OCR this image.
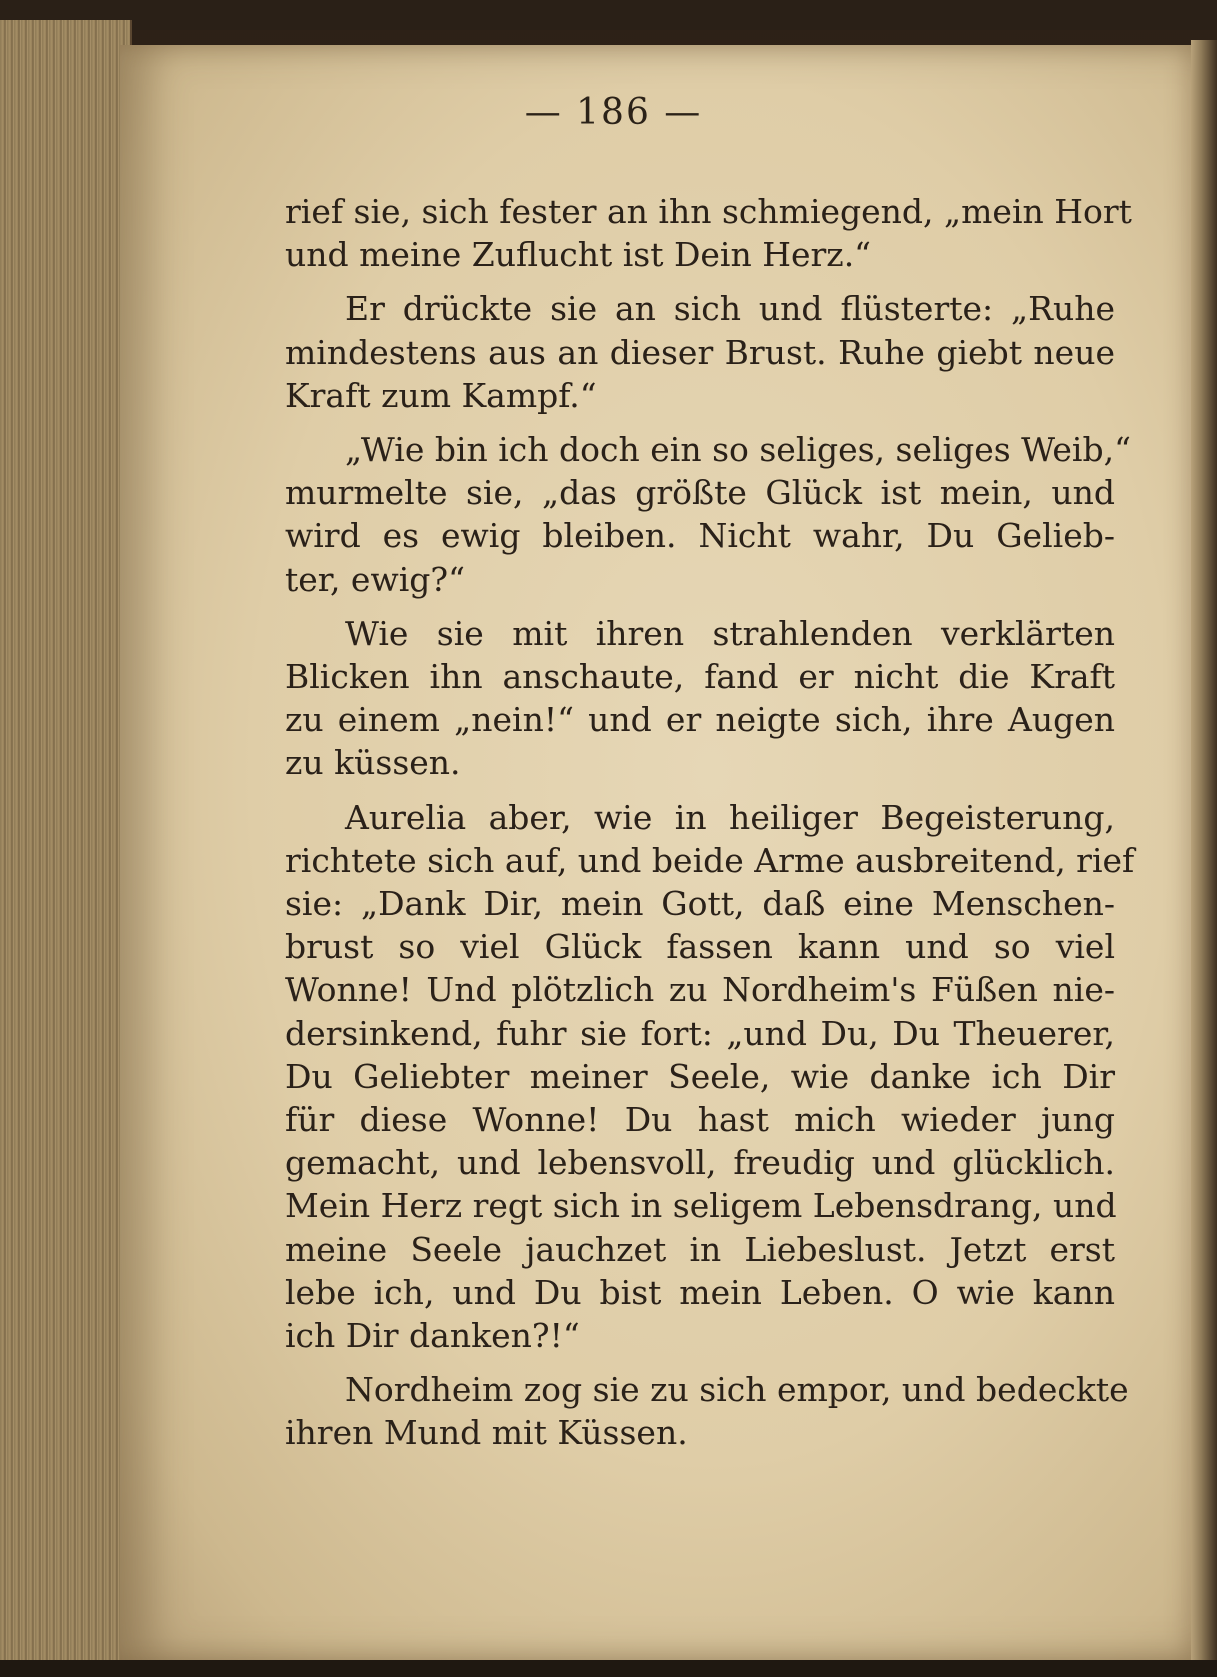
— 186 —
rief sie, sich fester an ihn schmiegend, „mein Hort
und meine Zuflucht ist Dein Herz.“
Er drückte sie an sich und flüsterte: „Ruhe
mindestens aus an dieser Brust. Ruhe giebt neue
Kraft zum Kampf.“
„Wie bin ich doch ein so seliges, seliges Weib,“
murmelte sie, „das größte Glück ist mein, und
wird es ewig bleiben. Nicht wahr, Du Gelieb-
ter, ewig?“
Wie sie mit ihren strahlenden verklärten
Blicken ihn anschaute, fand er nicht die Kraft
zu einem „nein!“ und er neigte sich, ihre Augen
zu küssen.
Aurelia aber, wie in heiliger Begeisterung,
richtete sich auf, und beide Arme ausbreitend, rief
sie: „Dank Dir, mein Gott, daß eine Menschen-
brust so viel Glück fassen kann und so viel
Wonne! Und plötzlich zu Nordheim's Füßen nie-
dersinkend, fuhr sie fort: „und Du, Du Theuerer,
Du Geliebter meiner Seele, wie danke ich Dir
für diese Wonne! Du hast mich wieder jung
gemacht, und lebensvoll, freudig und glücklich.
Mein Herz regt sich in seligem Lebensdrang, und
meine Seele jauchzet in Liebeslust. Jetzt erst
lebe ich, und Du bist mein Leben. O wie kann
ich Dir danken?!“
Nordheim zog sie zu sich empor, und bedeckte
ihren Mund mit Küssen.
